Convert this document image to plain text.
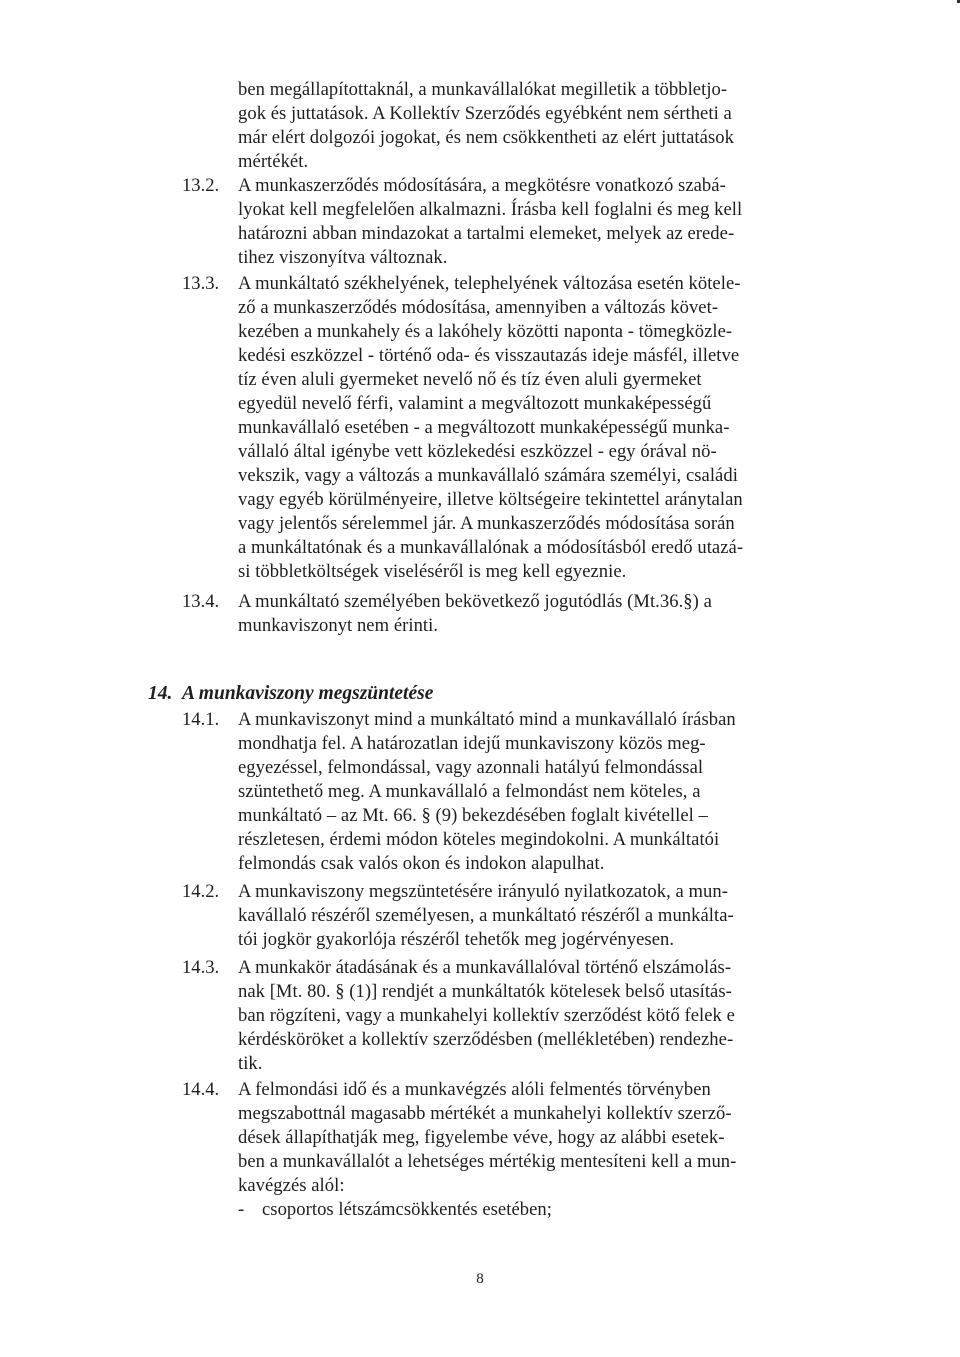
ben megállapítottaknál, a munkavállalókat megilletik a többletjo-
gok és juttatások. A Kollektív Szerződés egyébként nem sértheti a
már elért dolgozói jogokat, és nem csökkentheti az elért juttatások
mértékét.
13.2. A munkaszerződés módosítására, a megkötésre vonatkozó szabá-
lyokat kell megfelelően alkalmazni. Írásba kell foglalni és meg kell
határozni abban mindazokat a tartalmi elemeket, melyek az erede-
tihez viszonyítva változnak.
13.3. A munkáltató székhelyének, telephelyének változása esetén kötele-
ző a munkaszerződés módosítása, amennyiben a változás követ-
kezében a munkahely és a lakóhely közötti naponta - tömegközle-
kedési eszközzel - történő oda- és visszautazás ideje másfél, illetve
tíz éven aluli gyermeket nevelő nő és tíz éven aluli gyermeket
egyedül nevelő férfi, valamint a megváltozott munkaképességű
munkavállaló esetében - a megváltozott munkaképességű munka-
vállaló által igénybe vett közlekedési eszközzel - egy órával nö-
vekszik, vagy a változás a munkavállaló számára személyi, családi
vagy egyéb körülményeire, illetve költségeire tekintettel aránytalan
vagy jelentős sérelemmel jár. A munkaszerződés módosítása során
a munkáltatónak és a munkavállalónak a módosításból eredő utazá-
si többletköltségek viseléséről is meg kell egyeznie.
13.4. A munkáltató személyében bekövetkező jogutódlás (Mt.36.§) a
munkaviszonyt nem érinti.
14. A munkaviszony megszüntetése
14.1. A munkaviszonyt mind a munkáltató mind a munkavállaló írásban
mondhatja fel. A határozatlan idejű munkaviszony közös meg-
egyezéssel, felmondással, vagy azonnali hatályú felmondással
szüntethető meg. A munkavállaló a felmondást nem köteles, a
munkáltató – az Mt. 66. § (9) bekezdésében foglalt kivétellel –
részletesen, érdemi módon köteles megindokolni. A munkáltatói
felmondás csak valós okon és indokon alapulhat.
14.2. A munkaviszony megszüntetésére irányuló nyilatkozatok, a mun-
kavállaló részéről személyesen, a munkáltató részéről a munkálta-
tói jogkör gyakorlója részéről tehetők meg jogérvényesen.
14.3. A munkakör átadásának és a munkavállalóval történő elszámolás-
nak [Mt. 80. § (1)] rendjét a munkáltatók kötelesek belső utasítás-
ban rögzíteni, vagy a munkahelyi kollektív szerződést kötő felek e
kérdésköröket a kollektív szerződésben (mellékletében) rendezhe-
tik.
14.4. A felmondási idő és a munkavégzés alóli felmentés törvényben
megszabottnál magasabb mértékét a munkahelyi kollektív szerző-
dések állapíthatják meg, figyelembe véve, hogy az alábbi esetek-
ben a munkavállalót a lehetséges mértékig mentesíteni kell a mun-
kavégzés alól:
- csoportos létszámcsökkentés esetében;
8
